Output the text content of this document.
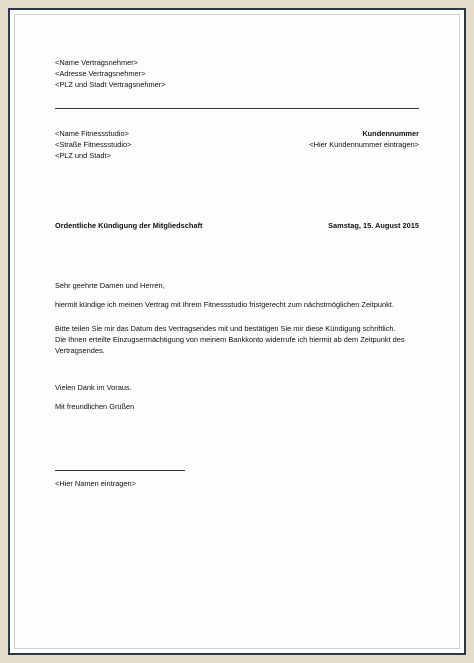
<Name Vertragsnehmer>
<Adresse Vertragsnehmer>
<PLZ und Stadt Vertragsnehmer>
<Name Fitnessstudio>
<Straße Fitnessstudio>
<PLZ und Stadt>
Kundennummer
<Hier Kundennummer eintragen>
Ordentliche Kündigung der Mitgliedschaft	Samstag, 15. August 2015
Sehr geehrte Damen und Herren,
hiermit kündige ich meinen Vertrag mit Ihrem Fitnessstudio fristgerecht zum nächstmöglichen Zeitpunkt.
Bitte teilen Sie mir das Datum des Vertragsendes mit und bestätigen Sie mir diese Kündigung schriftlich.
Die Ihnen erteilte Einzugsermächtigung von meinem Bankkonto widerrufe ich hiermit ab dem Zeitpunkt des
Vertragsendes.
Vielen Dank im Voraus.
Mit freundlichen Grüßen
<Hier Namen eintragen>
